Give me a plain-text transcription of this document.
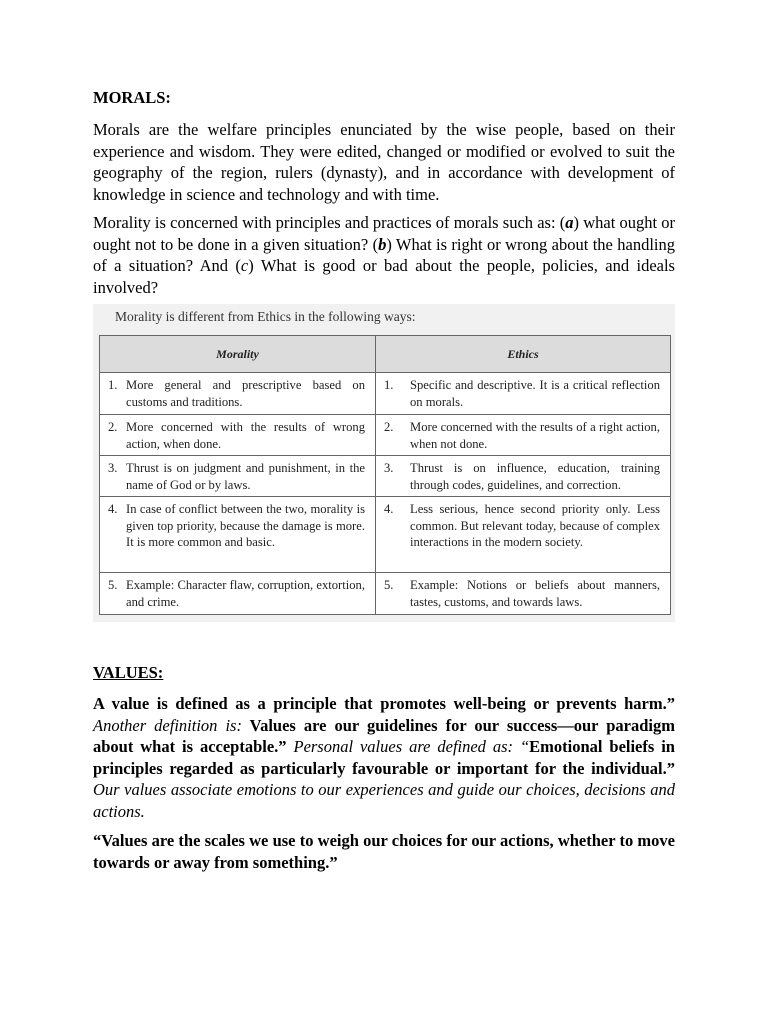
MORALS:
Morals are the welfare principles enunciated by the wise people, based on their experience and wisdom. They were edited, changed or modified or evolved to suit the geography of the region, rulers (dynasty), and in accordance with development of knowledge in science and technology and with time.
Morality is concerned with principles and practices of morals such as: (a) what ought or ought not to be done in a given situation? (b) What is right or wrong about the handling of a situation? And (c) What is good or bad about the people, policies, and ideals involved?
Morality is different from Ethics in the following ways:
Morality	Ethics

1. More general and prescriptive based on customs and traditions.	1. Specific and descriptive. It is a critical reflection on morals.

2. More concerned with the results of wrong action, when done.	2. More concerned with the results of a right action, when not done.

3. Thrust is on judgment and punishment, in the name of God or by laws.	3. Thrust is on influence, education, training through codes, guidelines, and correction.

4. In case of conflict between the two, morality is given top priority, because the damage is more. It is more common and basic.	4. Less serious, hence second priority only. Less common. But relevant today, because of complex interactions in the modern society.

5. Example: Character flaw, corruption, extortion, and crime.	5. Example: Notions or beliefs about manners, tastes, customs, and towards laws.
VALUES:
A value is defined as a principle that promotes well-being or prevents harm.” Another definition is: Values are our guidelines for our success—our paradigm about what is acceptable.” Personal values are defined as: “Emotional beliefs in principles regarded as particularly favourable or important for the individual.” Our values associate emotions to our experiences and guide our choices, decisions and actions.
“Values are the scales we use to weigh our choices for our actions, whether to move towards or away from something.”
